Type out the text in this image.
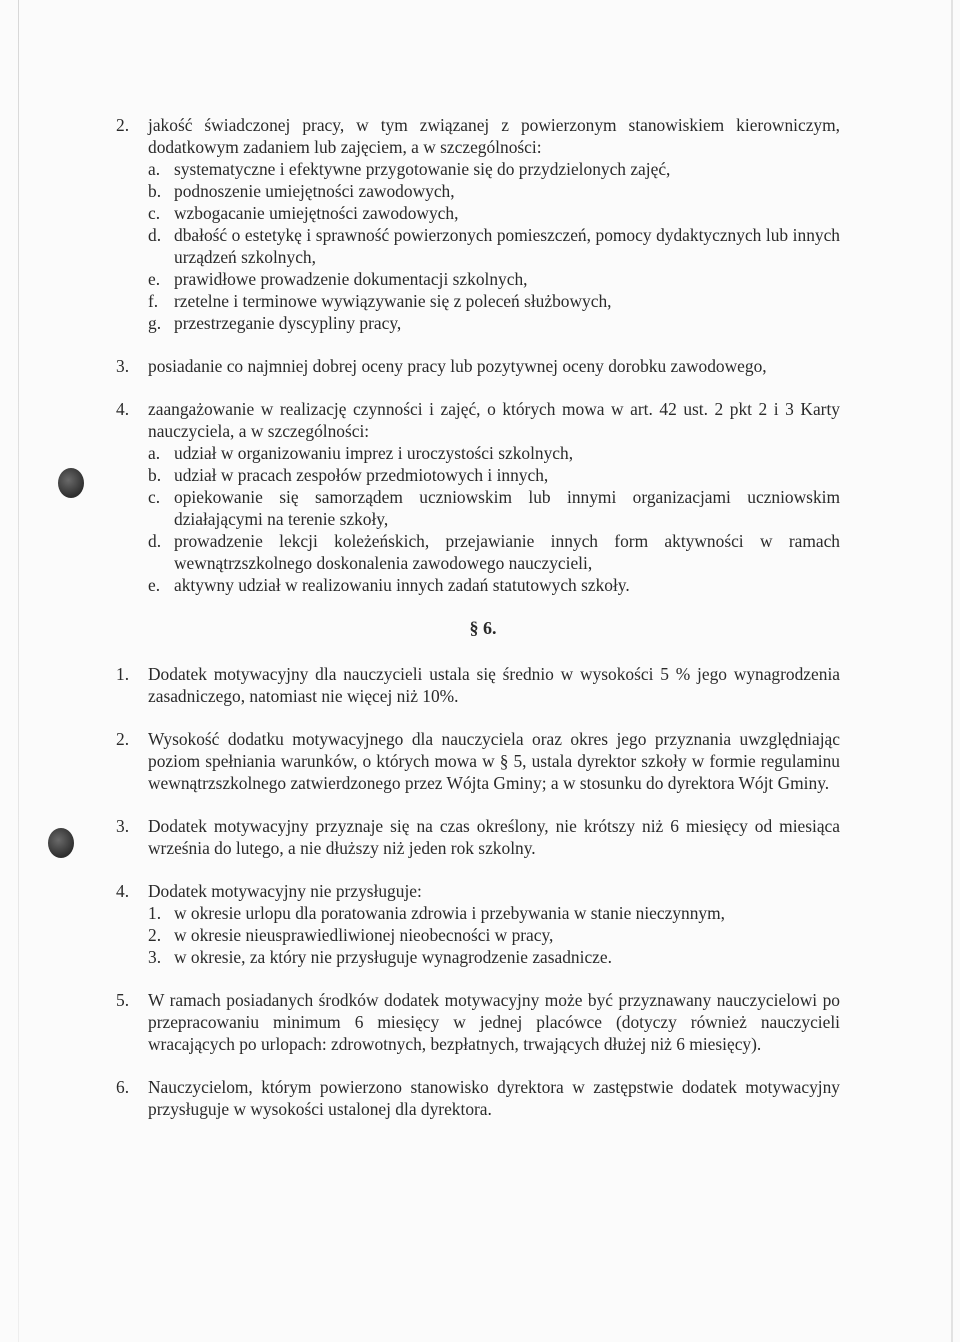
2.	jakość świadczonej pracy, w tym związanej z powierzonym stanowiskiem kierowniczym, dodatkowym zadaniem lub zajęciem, a w szczególności:
a. systematyczne i efektywne przygotowanie się do przydzielonych zajęć,
b. podnoszenie umiejętności zawodowych,
c. wzbogacanie umiejętności zawodowych,
d. dbałość o estetykę i sprawność powierzonych pomieszczeń, pomocy dydaktycznych lub innych urządzeń szkolnych,
e. prawidłowe prowadzenie dokumentacji szkolnych,
f. rzetelne i terminowe wywiązywanie się z poleceń służbowych,
g. przestrzeganie dyscypliny pracy,
3.	posiadanie co najmniej dobrej oceny pracy lub pozytywnej oceny dorobku zawodowego,
4.	zaangażowanie w realizację czynności i zajęć, o których mowa w art. 42 ust. 2 pkt 2 i 3 Karty nauczyciela, a w szczególności:
a. udział w organizowaniu imprez i uroczystości szkolnych,
b. udział w pracach zespołów przedmiotowych i innych,
c. opiekowanie się samorządem uczniowskim lub innymi organizacjami uczniowskim działającymi na terenie szkoły,
d. prowadzenie lekcji koleżeńskich, przejawianie innych form aktywności w ramach wewnątrzszkolnego doskonalenia zawodowego nauczycieli,
e. aktywny udział w realizowaniu innych zadań statutowych szkoły.
§ 6.
1.	Dodatek motywacyjny dla nauczycieli ustala się średnio w wysokości 5 % jego wynagrodzenia zasadniczego, natomiast nie więcej niż 10%.
2.	Wysokość dodatku motywacyjnego dla nauczyciela oraz okres jego przyznania uwzględniając poziom spełniania warunków, o których mowa w § 5, ustala dyrektor szkoły w formie regulaminu wewnątrzszkolnego zatwierdzonego przez Wójta Gminy; a w stosunku do dyrektora Wójt Gminy.
3.	Dodatek motywacyjny przyznaje się na czas określony, nie krótszy niż 6 miesięcy od miesiąca września do lutego, a nie dłuższy niż jeden rok szkolny.
4.	Dodatek motywacyjny nie przysługuje:
1. w okresie urlopu dla poratowania zdrowia i przebywania w stanie nieczynnym,
2. w okresie nieusprawiedliwionej nieobecności w pracy,
3. w okresie, za który nie przysługuje wynagrodzenie zasadnicze.
5.	W ramach posiadanych środków dodatek motywacyjny może być przyznawany nauczycielowi po przepracowaniu minimum 6 miesięcy w jednej placówce (dotyczy również nauczycieli wracających po urlopach: zdrowotnych, bezpłatnych, trwających dłużej niż 6 miesięcy).
6.	Nauczycielom, którym powierzono stanowisko dyrektora w zastępstwie dodatek motywacyjny przysługuje w wysokości ustalonej dla dyrektora.
